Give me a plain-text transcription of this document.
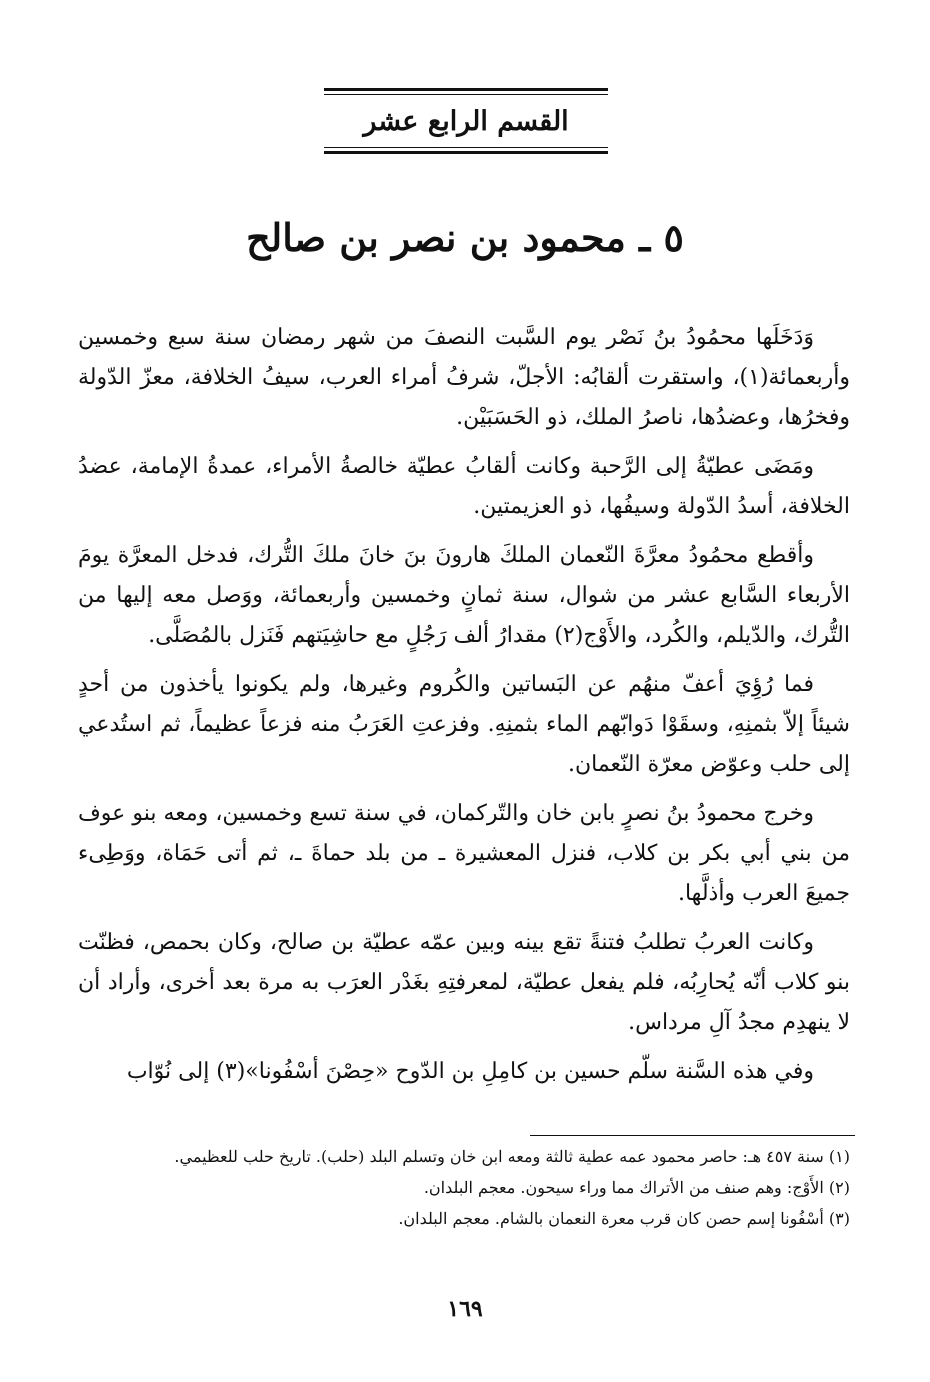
القسم الرابع عشر
٥ ـ محمود بن نصر بن صالح

وَدَخَلَها محمُودُ بنُ نَصْر يوم السَّبت النصفَ من شهر رمضان سنة سبع وخمسين وأربعمائة(١)، واستقرت ألقابُه: الأجلّ، شرفُ أمراء العرب، سيفُ الخلافة، معزّ الدّولة وفخرُها، وعضدُها، ناصرُ الملك، ذو الحَسَبَيْن.

ومَضَى عطيّةُ إلى الرَّحبة وكانت ألقابُ عطيّة خالصةُ الأمراء، عمدةُ الإمامة، عضدُ الخلافة، أسدُ الدّولة وسيفُها، ذو العزيمتين.

وأقطع محمُودُ معرَّةَ النّعمان الملكَ هارونَ بنَ خانَ ملكَ التُّرك، فدخل المعرَّة يومَ الأربعاء السَّابع عشر من شوال، سنة ثمانٍ وخمسين وأربعمائة، ووَصل معه إليها من التُّرك، والدّيلم، والكُرد، والأَوْج(٢) مقدارُ ألف رَجُلٍ مع حاشِيَتهم فَنَزل بالمُصَلَّى.

فما رُؤِيَ أعفّ منهُم عن البَساتين والكُروم وغيرها، ولم يكونوا يأخذون من أحدٍ شيئاً إلاّ بثمنِهِ، وسقَوْا دَوابّهم الماء بثمنِهِ. وفزعتِ العَرَبُ منه فزعاً عظيماً، ثم استُدعي إلى حلب وعوّض معرّة النّعمان.

وخرج محمودُ بنُ نصرٍ بابن خان والتّركمان، في سنة تسع وخمسين، ومعه بنو عوف من بني أبي بكر بن كلاب، فنزل المعشيرة ـ من بلد حماةَ ـ، ثم أتى حَمَاة، ووَطِىء جميعَ العرب وأذلَّها.

وكانت العربُ تطلبُ فتنةً تقع بينه وبين عمّه عطيّة بن صالح، وكان بحمص، فظنّت بنو كلاب أنّه يُحارِبُه، فلم يفعل عطيّة، لمعرفتِهِ بغَدْر العرَب به مرة بعد أخرى، وأراد أن لا ينهدِم مجدُ آلِ مرداس.

وفي هذه السَّنة سلّم حسين بن كامِلِ بن الدّوح «حِصْنَ أسْفُونا»(٣) إلى نُوّاب

(١) سنة ٤٥٧ هـ: حاصر محمود عمه عطية ثالثة ومعه ابن خان وتسلم البلد (حلب). تاريخ حلب للعظيمي.
(٢) الأَوْج: وهم صنف من الأتراك مما وراء سيحون. معجم البلدان.
(٣) أسْفُونا إسم حصن كان قرب معرة النعمان بالشام. معجم البلدان.
١٦٩
